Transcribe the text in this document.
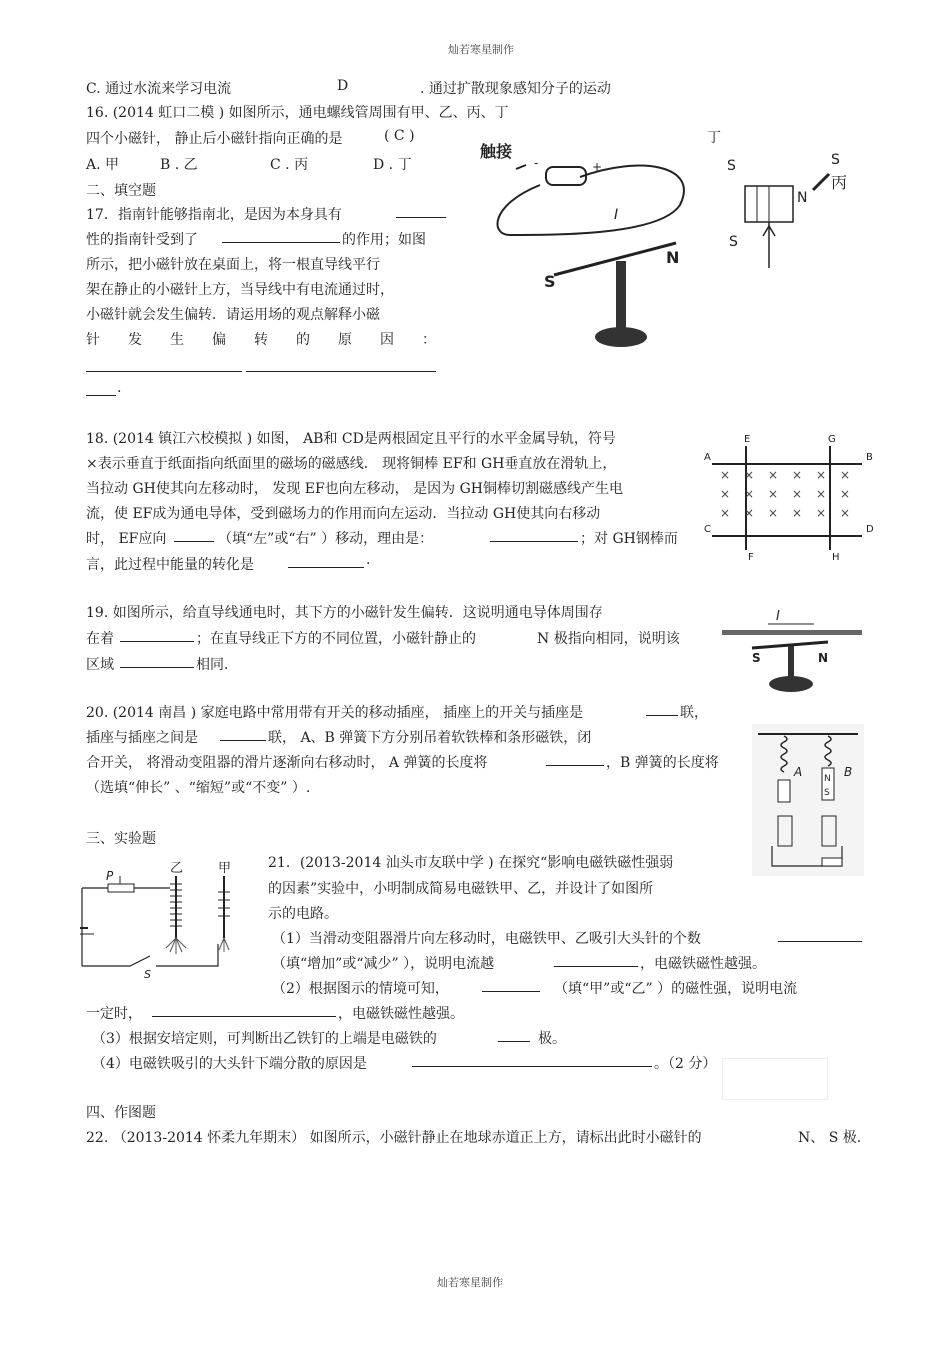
灿若寒星制作
灿若寒星制作
C. 通过水流来学习电流	D	. 通过扩散现象感知分子的运动
16. (2014 虹口二模 ) 如图所示，通电螺线管周围有甲、乙、丙、丁
四个小磁针， 静止后小磁针指向正确的是	( C )
A. 甲	B . 乙	C . 丙	D . 丁
二、填空题
17．指南针能够指南北，是因为本身具有
性的指南针受到了	的作用；如图
所示，把小磁针放在桌面上，将一根直导线平行
架在静止的小磁针上方，当导线中有电流通过时，
小磁针就会发生偏转．请运用场的观点解释小磁
针 发 生 偏 转 的 原 因 ：
.
触接
-	+
I
S
N
丁
S
N
S
丙
S
18. (2014 镇江六校模拟 ) 如图， AB和 CD是两根固定且平行的水平金属导轨，符号
×表示垂直于纸面指向纸面里的磁场的磁感线． 现将铜棒 EF和 GH垂直放在滑轨上，
当拉动 GH使其向左移动时， 发现 EF也向左移动， 是因为 GH铜棒切割磁感线产生电
流，使 EF成为通电导体，受到磁场力的作用而向左运动．当拉动 GH使其向右移动
时， EF应向	（填“左”或“右” ）移动，理由是：	；对 GH钢棒而
言，此过程中能量的转化是	.
A	B
C	D
E
F
G
H
× × × × × ×
× × × × × ×
× × × × × ×
19. 如图所示，给直导线通电时，其下方的小磁针发生偏转．这说明通电导体周围存
在着	；在直导线正下方的不同位置，小磁针静止的	N 极指向相同，说明该
区域	相同．
I
S	N
20. (2014 南昌 ) 家庭电路中常用带有开关的移动插座， 插座上的开关与插座是	联，
插座与插座之间是	联， A、B 弹簧下方分别吊着软铁棒和条形磁铁，闭
合开关， 将滑动变阻器的滑片逐渐向右移动时， A 弹簧的长度将	，B 弹簧的长度将
（选填“伸长” 、“缩短”或“不变” ）.
A	B
N
S
三、实验题
21．(2013-2014 汕头市友联中学 ) 在探究“影响电磁铁磁性强弱
的因素”实验中，小明制成简易电磁铁甲、乙，并设计了如图所
示的电路。
（1）当滑动变阻器滑片向左移动时，电磁铁甲、乙吸引大头针的个数
（填“增加”或“减少” ），说明电流越	，电磁铁磁性越强。
（2）根据图示的情境可知，	（填“甲”或“乙” ）的磁性强，说明电流
一定时，	，电磁铁磁性越强。
（3）根据安培定则，可判断出乙铁钉的上端是电磁铁的	极。
（4）电磁铁吸引的大头针下端分散的原因是	。（2 分）
P
S
乙	甲
四、作图题
22. （2013-2014 怀柔九年期末） 如图所示，小磁针静止在地球赤道正上方，请标出此时小磁针的	N、 S 极.
